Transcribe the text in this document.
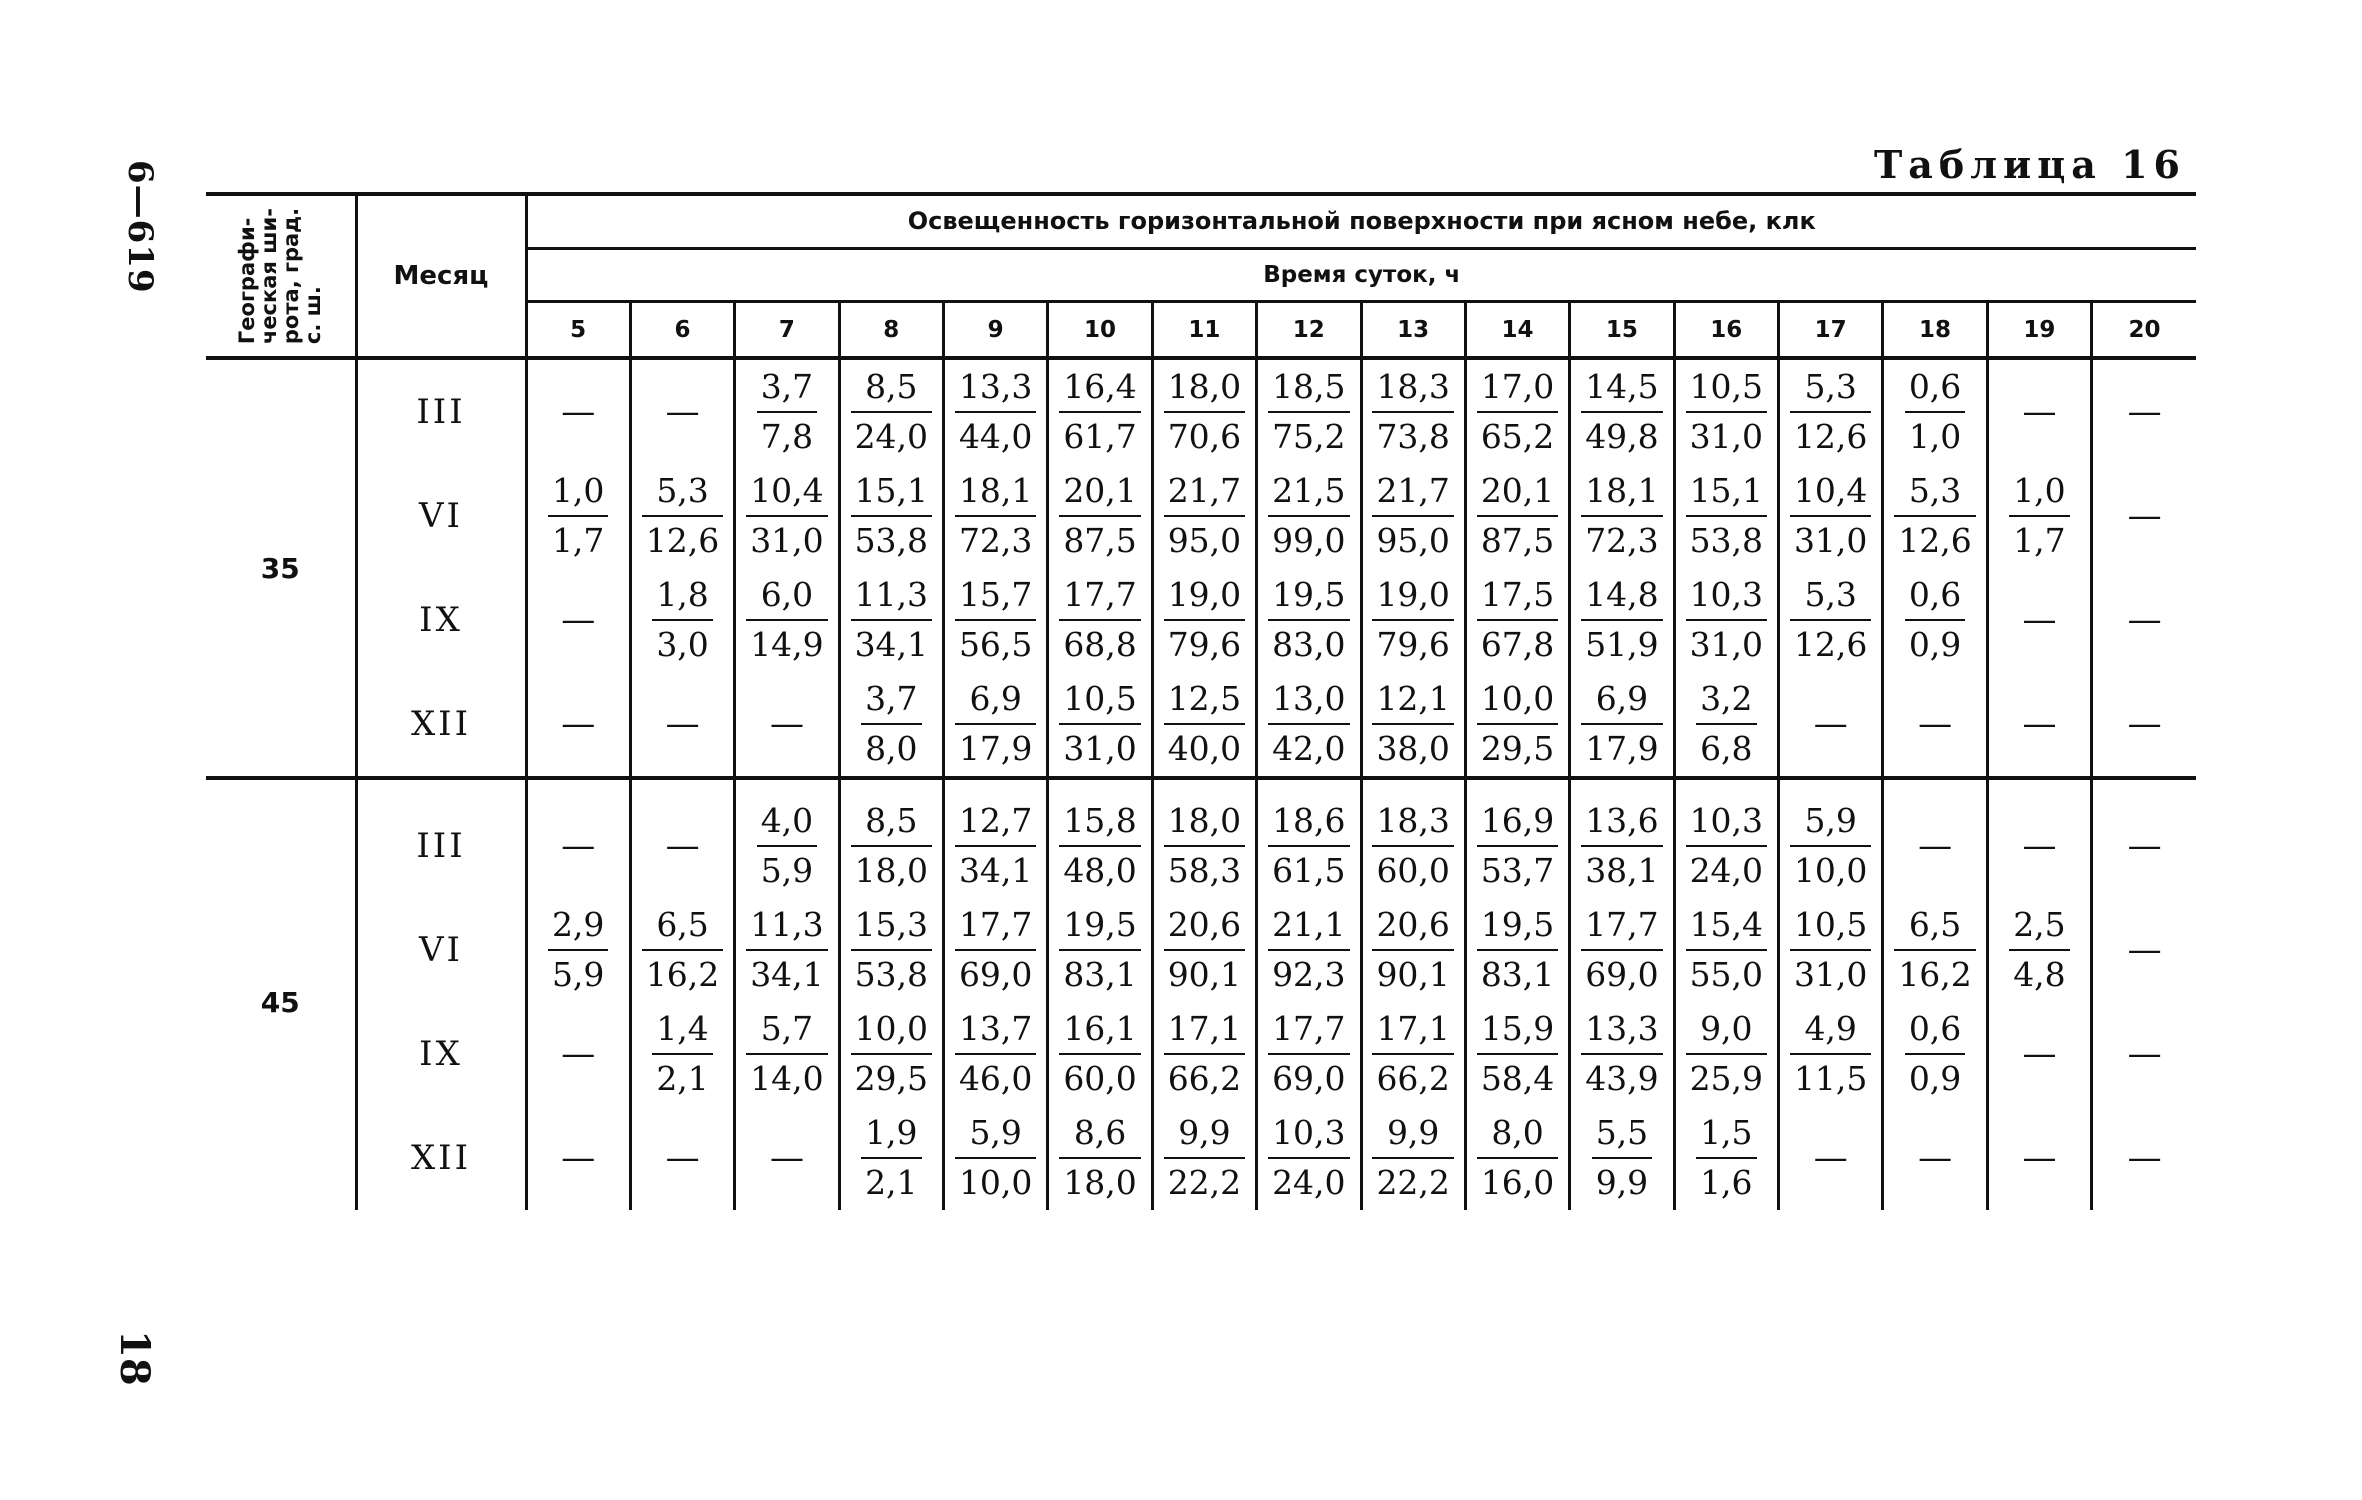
6—619
18
Таблица 16
Географи-
ческая ши-
рота, град.
с. ш.	Месяц	Освещенность горизонтальной поверхности при ясном небе, клк															
		Время суток, ч															
		5	6	7	8	9	10	11	12	13	14	15	16	17	18	19	20
35	III	—	—	$\frac{3,7}{7,8}$	$\frac{8,5}{24,0}$	$\frac{13,3}{44,0}$	$\frac{16,4}{61,7}$	$\frac{18,0}{70,6}$	$\frac{18,5}{75,2}$	$\frac{18,3}{73,8}$	$\frac{17,0}{65,2}$	$\frac{14,5}{49,8}$	$\frac{10,5}{31,0}$	$\frac{5,3}{12,6}$	$\frac{0,6}{1,0}$	—	—
	VI	$\frac{1,0}{1,7}$	$\frac{5,3}{12,6}$	$\frac{10,4}{31,0}$	$\frac{15,1}{53,8}$	$\frac{18,1}{72,3}$	$\frac{20,1}{87,5}$	$\frac{21,7}{95,0}$	$\frac{21,5}{99,0}$	$\frac{21,7}{95,0}$	$\frac{20,1}{87,5}$	$\frac{18,1}{72,3}$	$\frac{15,1}{53,8}$	$\frac{10,4}{31,0}$	$\frac{5,3}{12,6}$	$\frac{1,0}{1,7}$	—
	IX	—	$\frac{1,8}{3,0}$	$\frac{6,0}{14,9}$	$\frac{11,3}{34,1}$	$\frac{15,7}{56,5}$	$\frac{17,7}{68,8}$	$\frac{19,0}{79,6}$	$\frac{19,5}{83,0}$	$\frac{19,0}{79,6}$	$\frac{17,5}{67,8}$	$\frac{14,8}{51,9}$	$\frac{10,3}{31,0}$	$\frac{5,3}{12,6}$	$\frac{0,6}{0,9}$	—	—
	XII	—	—	—	$\frac{3,7}{8,0}$	$\frac{6,9}{17,9}$	$\frac{10,5}{31,0}$	$\frac{12,5}{40,0}$	$\frac{13,0}{42,0}$	$\frac{12,1}{38,0}$	$\frac{10,0}{29,5}$	$\frac{6,9}{17,9}$	$\frac{3,2}{6,8}$	—	—	—	—

45	III	—	—	$\frac{4,0}{5,9}$	$\frac{8,5}{18,0}$	$\frac{12,7}{34,1}$	$\frac{15,8}{48,0}$	$\frac{18,0}{58,3}$	$\frac{18,6}{61,5}$	$\frac{18,3}{60,0}$	$\frac{16,9}{53,7}$	$\frac{13,6}{38,1}$	$\frac{10,3}{24,0}$	$\frac{5,9}{10,0}$	—	—	—
	VI	$\frac{2,9}{5,9}$	$\frac{6,5}{16,2}$	$\frac{11,3}{34,1}$	$\frac{15,3}{53,8}$	$\frac{17,7}{69,0}$	$\frac{19,5}{83,1}$	$\frac{20,6}{90,1}$	$\frac{21,1}{92,3}$	$\frac{20,6}{90,1}$	$\frac{19,5}{83,1}$	$\frac{17,7}{69,0}$	$\frac{15,4}{55,0}$	$\frac{10,5}{31,0}$	$\frac{6,5}{16,2}$	$\frac{2,5}{4,8}$	—
	IX	—	$\frac{1,4}{2,1}$	$\frac{5,7}{14,0}$	$\frac{10,0}{29,5}$	$\frac{13,7}{46,0}$	$\frac{16,1}{60,0}$	$\frac{17,1}{66,2}$	$\frac{17,7}{69,0}$	$\frac{17,1}{66,2}$	$\frac{15,9}{58,4}$	$\frac{13,3}{43,9}$	$\frac{9,0}{25,9}$	$\frac{4,9}{11,5}$	$\frac{0,6}{0,9}$	—	—
	XII	—	—	—	$\frac{1,9}{2,1}$	$\frac{5,9}{10,0}$	$\frac{8,6}{18,0}$	$\frac{9,9}{22,2}$	$\frac{10,3}{24,0}$	$\frac{9,9}{22,2}$	$\frac{8,0}{16,0}$	$\frac{5,5}{9,9}$	$\frac{1,5}{1,6}$	—	—	—	—
